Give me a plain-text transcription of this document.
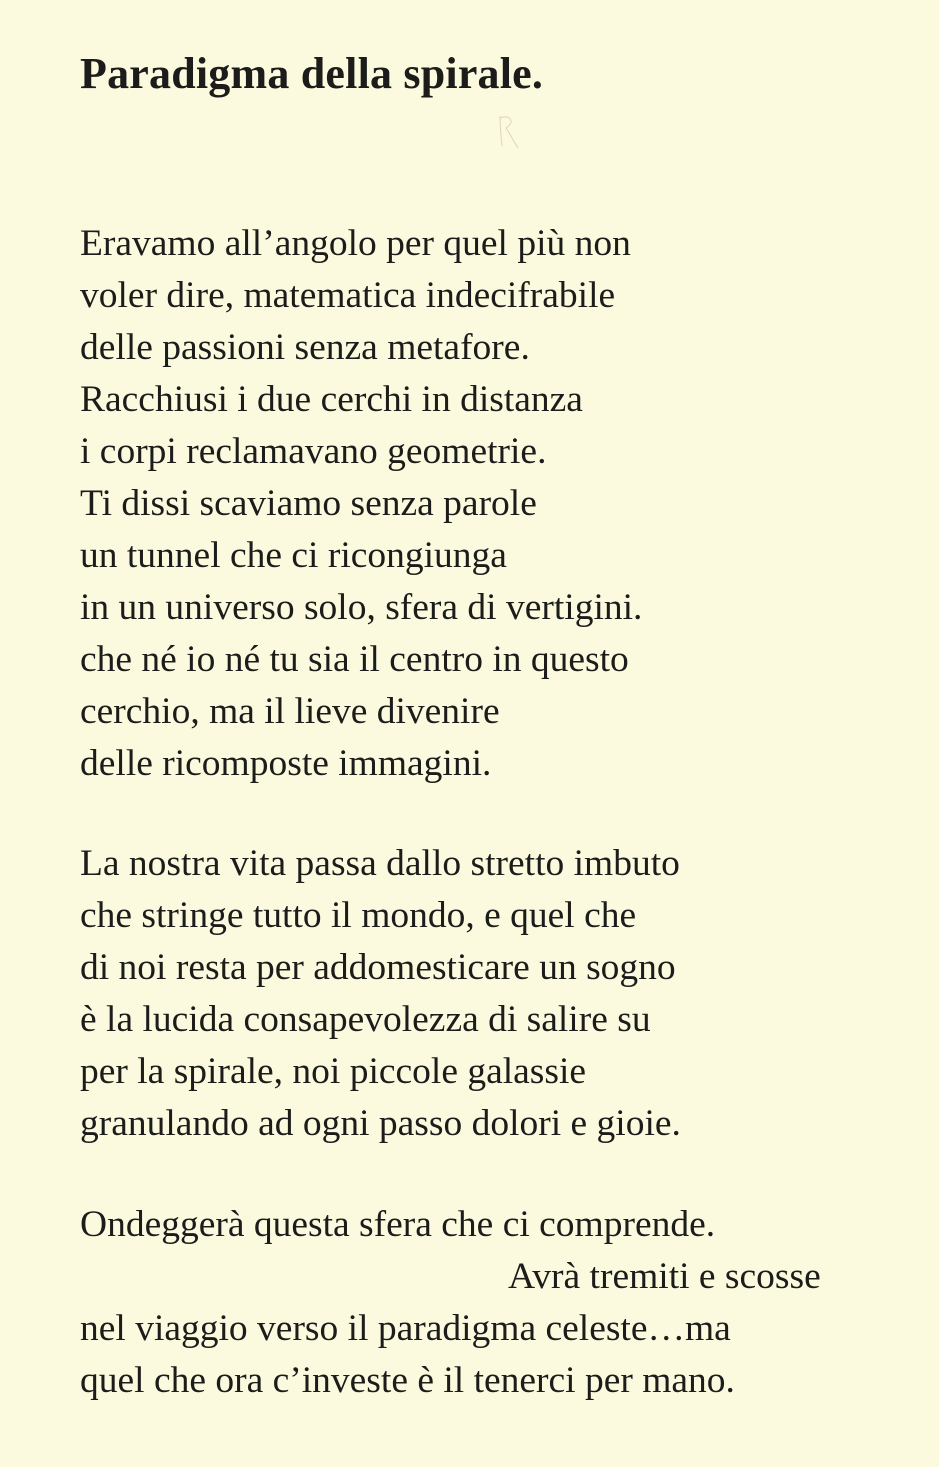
Paradigma della spirale.
Eravamo all’angolo per quel più non
voler dire, matematica indecifrabile
delle passioni senza metafore.
Racchiusi i due cerchi in distanza
i corpi reclamavano geometrie.
Ti dissi scaviamo senza parole
un tunnel che ci ricongiunga
in un universo solo, sfera di vertigini.
che né io né tu sia il centro in questo
cerchio, ma il lieve divenire
delle ricomposte immagini.
La nostra vita passa dallo stretto imbuto
che stringe tutto il mondo, e quel che
di noi resta per addomesticare un sogno
è la lucida consapevolezza di salire su
per la spirale, noi piccole galassie
granulando ad ogni passo dolori e gioie.
Ondeggerà questa sfera che ci comprende.
Avrà tremiti e scosse
nel viaggio verso il paradigma celeste…ma
quel che ora c’investe è il tenerci per mano.
